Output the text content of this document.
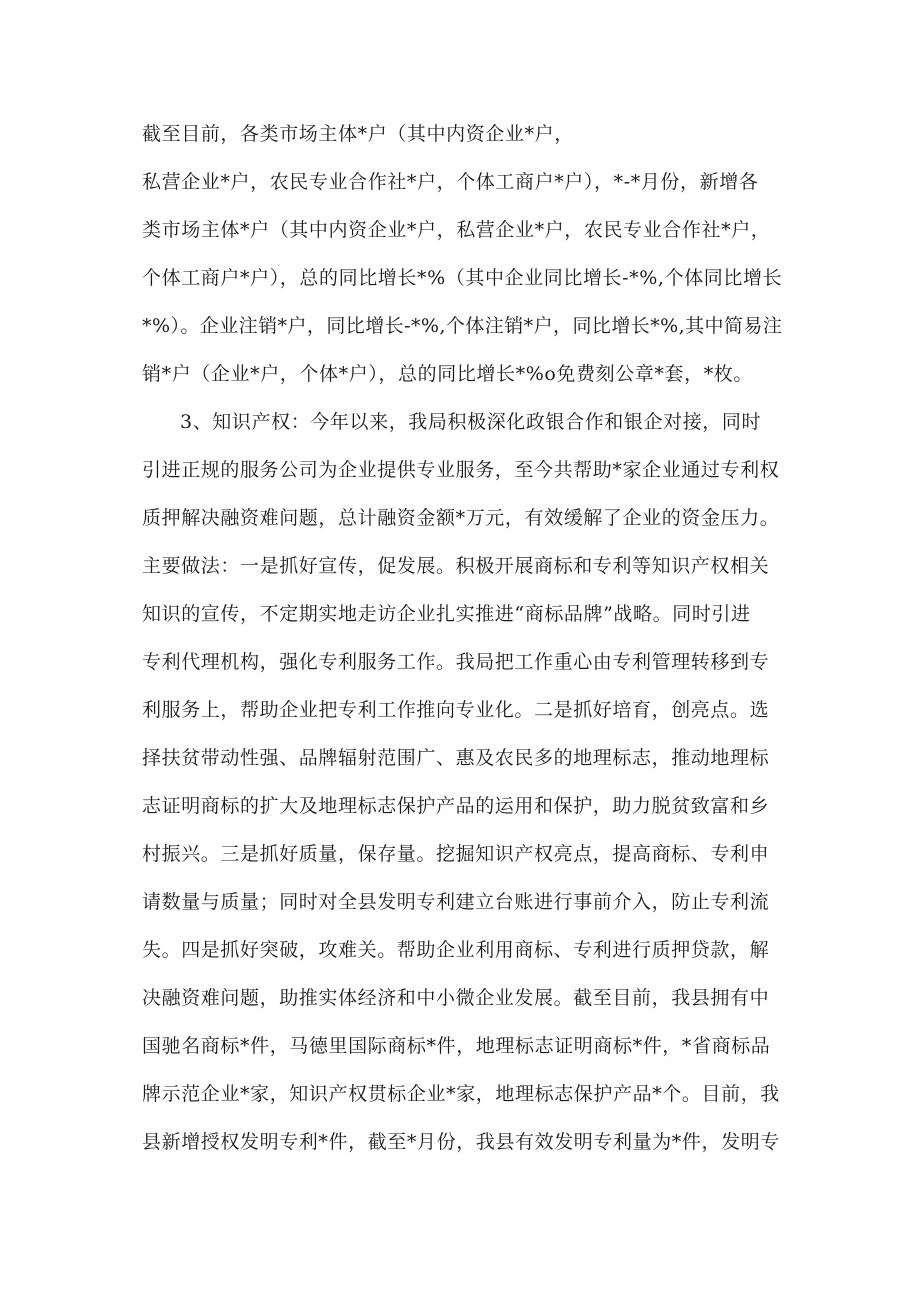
截至目前，各类市场主体*户（其中内资企业*户，
私营企业*户，农民专业合作社*户，个体工商户*户），*-*月份，新增各
类市场主体*户（其中内资企业*户，私营企业*户，农民专业合作社*户，
个体工商户*户），总的同比增长*%（其中企业同比增长-*%,个体同比增长
*%）。企业注销*户，同比增长-*%,个体注销*户，同比增长*%,其中简易注
销*户（企业*户，个体*户），总的同比增长*%o免费刻公章*套，*枚。
3、知识产权：今年以来，我局积极深化政银合作和银企对接，同时
引进正规的服务公司为企业提供专业服务，至今共帮助*家企业通过专利权
质押解决融资难问题，总计融资金额*万元，有效缓解了企业的资金压力。
主要做法：一是抓好宣传，促发展。积极开展商标和专利等知识产权相关
知识的宣传，不定期实地走访企业扎实推进“商标品牌”战略。同时引进
专利代理机构，强化专利服务工作。我局把工作重心由专利管理转移到专
利服务上，帮助企业把专利工作推向专业化。二是抓好培育，创亮点。选
择扶贫带动性强、品牌辐射范围广、惠及农民多的地理标志，推动地理标
志证明商标的扩大及地理标志保护产品的运用和保护，助力脱贫致富和乡
村振兴。三是抓好质量，保存量。挖掘知识产权亮点，提高商标、专利申
请数量与质量；同时对全县发明专利建立台账进行事前介入，防止专利流
失。四是抓好突破，攻难关。帮助企业利用商标、专利进行质押贷款，解
决融资难问题，助推实体经济和中小微企业发展。截至目前，我县拥有中
国驰名商标*件，马德里国际商标*件，地理标志证明商标*件，*省商标品
牌示范企业*家，知识产权贯标企业*家，地理标志保护产品*个。目前，我
县新增授权发明专利*件，截至*月份，我县有效发明专利量为*件，发明专
